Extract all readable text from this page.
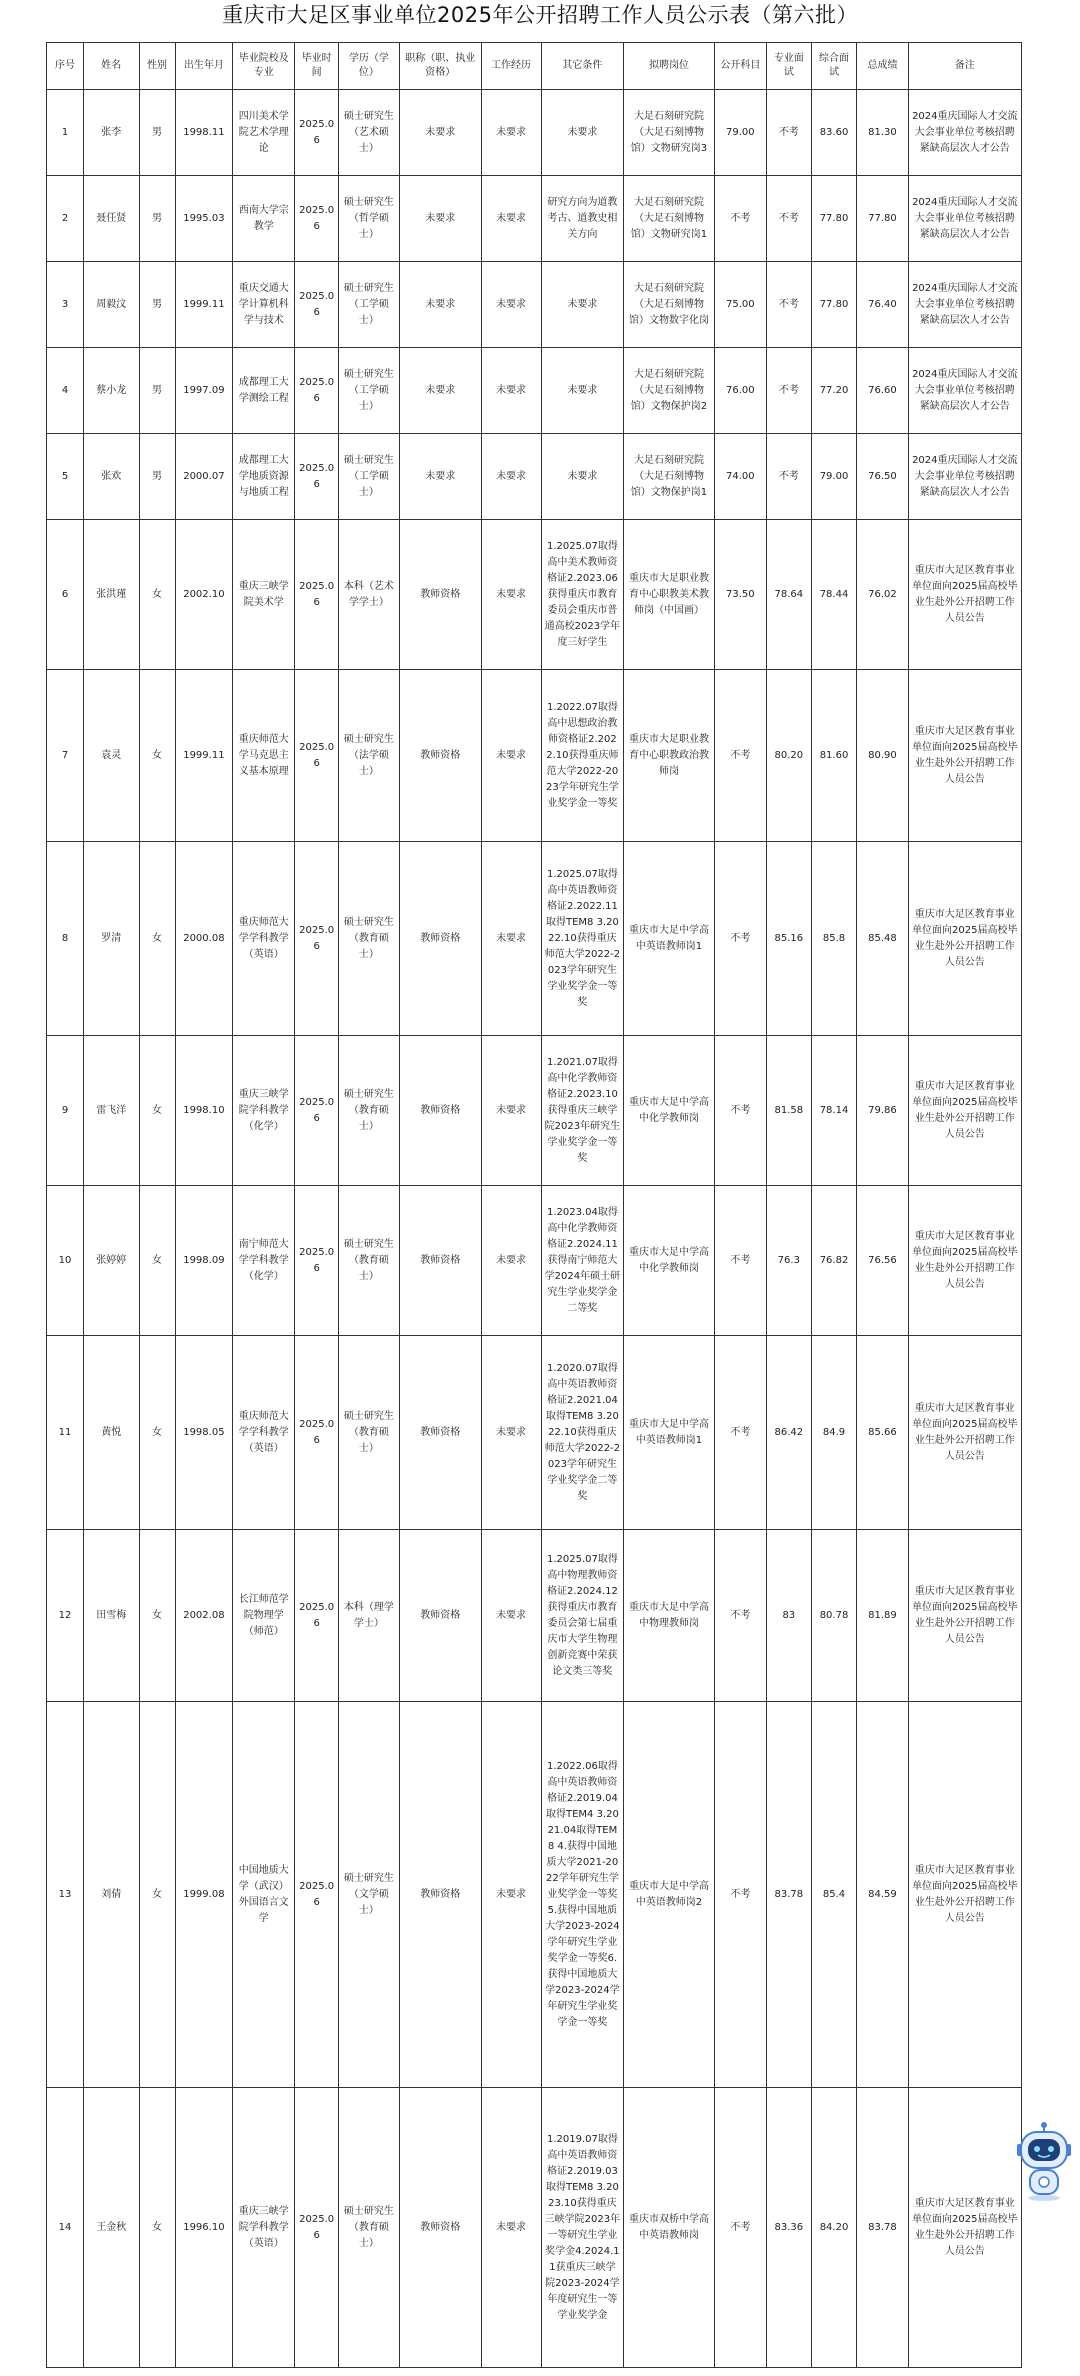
重庆市大足区事业单位2025年公开招聘工作人员公示表（第六批）
序号	姓名	性别	出生年月	毕业院校及专业	毕业时间	学历（学位）	职称（职、执业资格）	工作经历	其它条件	拟聘岗位	公开科目	专业面试	综合面试	总成绩	备注
1	张李	男	1998.11	四川美术学院艺术学理论	2025.06	硕士研究生（艺术硕士）	未要求	未要求	未要求	大足石刻研究院（大足石刻博物馆）文物研究岗3	79.00	不考	83.60	81.30	2024重庆国际人才交流大会事业单位考核招聘紧缺高层次人才公告
2	聂任贤	男	1995.03	西南大学宗教学	2025.06	硕士研究生（哲学硕士）	未要求	未要求	研究方向为道教考古、道教史相关方向	大足石刻研究院（大足石刻博物馆）文物研究岗1	不考	不考	77.80	77.80	2024重庆国际人才交流大会事业单位考核招聘紧缺高层次人才公告
3	周毅汶	男	1999.11	重庆交通大学计算机科学与技术	2025.06	硕士研究生（工学硕士）	未要求	未要求	未要求	大足石刻研究院（大足石刻博物馆）文物数字化岗	75.00	不考	77.80	76.40	2024重庆国际人才交流大会事业单位考核招聘紧缺高层次人才公告
4	蔡小龙	男	1997.09	成都理工大学测绘工程	2025.06	硕士研究生（工学硕士）	未要求	未要求	未要求	大足石刻研究院（大足石刻博物馆）文物保护岗2	76.00	不考	77.20	76.60	2024重庆国际人才交流大会事业单位考核招聘紧缺高层次人才公告
5	张欢	男	2000.07	成都理工大学地质资源与地质工程	2025.06	硕士研究生（工学硕士）	未要求	未要求	未要求	大足石刻研究院（大足石刻博物馆）文物保护岗1	74.00	不考	79.00	76.50	2024重庆国际人才交流大会事业单位考核招聘紧缺高层次人才公告
6	张洪瑾	女	2002.10	重庆三峡学院美术学	2025.06	本科（艺术学学士）	教师资格	未要求	1.2025.07取得高中美术教师资格证2.2023.06获得重庆市教育委员会重庆市普通高校2023学年度三好学生	重庆市大足职业教育中心职教美术教师岗（中国画）	73.50	78.64	78.44	76.02	重庆市大足区教育事业单位面向2025届高校毕业生赴外公开招聘工作人员公告
7	袁灵	女	1999.11	重庆师范大学马克思主义基本原理	2025.06	硕士研究生（法学硕士）	教师资格	未要求	1.2022.07取得高中思想政治教师资格证2.2022.10获得重庆师范大学2022-2023学年研究生学业奖学金一等奖	重庆市大足职业教育中心职教政治教师岗	不考	80.20	81.60	80.90	重庆市大足区教育事业单位面向2025届高校毕业生赴外公开招聘工作人员公告
8	罗清	女	2000.08	重庆师范大学学科教学（英语）	2025.06	硕士研究生（教育硕士）	教师资格	未要求	1.2025.07取得高中英语教师资格证2.2022.11取得TEM8 3.2022.10获得重庆师范大学2022-2023学年研究生学业奖学金一等奖	重庆市大足中学高中英语教师岗1	不考	85.16	85.8	85.48	重庆市大足区教育事业单位面向2025届高校毕业生赴外公开招聘工作人员公告
9	雷飞洋	女	1998.10	重庆三峡学院学科教学（化学）	2025.06	硕士研究生（教育硕士）	教师资格	未要求	1.2021.07取得高中化学教师资格证2.2023.10获得重庆三峡学院2023年研究生学业奖学金一等奖	重庆市大足中学高中化学教师岗	不考	81.58	78.14	79.86	重庆市大足区教育事业单位面向2025届高校毕业生赴外公开招聘工作人员公告
10	张婷婷	女	1998.09	南宁师范大学学科教学（化学）	2025.06	硕士研究生（教育硕士）	教师资格	未要求	1.2023.04取得高中化学教师资格证2.2024.11获得南宁师范大学2024年硕士研究生学业奖学金二等奖	重庆市大足中学高中化学教师岗	不考	76.3	76.82	76.56	重庆市大足区教育事业单位面向2025届高校毕业生赴外公开招聘工作人员公告
11	黄悦	女	1998.05	重庆师范大学学科教学（英语）	2025.06	硕士研究生（教育硕士）	教师资格	未要求	1.2020.07取得高中英语教师资格证2.2021.04取得TEM8 3.2022.10获得重庆师范大学2022-2023学年研究生学业奖学金二等奖	重庆市大足中学高中英语教师岗1	不考	86.42	84.9	85.66	重庆市大足区教育事业单位面向2025届高校毕业生赴外公开招聘工作人员公告
12	田雪梅	女	2002.08	长江师范学院物理学（师范）	2025.06	本科（理学学士）	教师资格	未要求	1.2025.07取得高中物理教师资格证2.2024.12获得重庆市教育委员会第七届重庆市大学生物理创新竞赛中荣获论文类三等奖	重庆市大足中学高中物理教师岗	不考	83	80.78	81.89	重庆市大足区教育事业单位面向2025届高校毕业生赴外公开招聘工作人员公告
13	刘倩	女	1999.08	中国地质大学（武汉）外国语言文学	2025.06	硕士研究生（文学硕士）	教师资格	未要求	1.2022.06取得高中英语教师资格证2.2019.04取得TEM4 3.2021.04取得TEM8 4.获得中国地质大学2021-2022学年研究生学业奖学金一等奖5.获得中国地质大学2023-2024学年研究生学业奖学金一等奖6.获得中国地质大学2023-2024学年研究生学业奖学金一等奖	重庆市大足中学高中英语教师岗2	不考	83.78	85.4	84.59	重庆市大足区教育事业单位面向2025届高校毕业生赴外公开招聘工作人员公告
14	王金秋	女	1996.10	重庆三峡学院学科教学（英语）	2025.06	硕士研究生（教育硕士）	教师资格	未要求	1.2019.07取得高中英语教师资格证2.2019.03取得TEM8 3.2023.10获得重庆三峡学院2023年一等研究生学业奖学金4.2024.11获重庆三峡学院2023-2024学年度研究生一等学业奖学金	重庆市双桥中学高中英语教师岗	不考	83.36	84.20	83.78	重庆市大足区教育事业单位面向2025届高校毕业生赴外公开招聘工作人员公告
